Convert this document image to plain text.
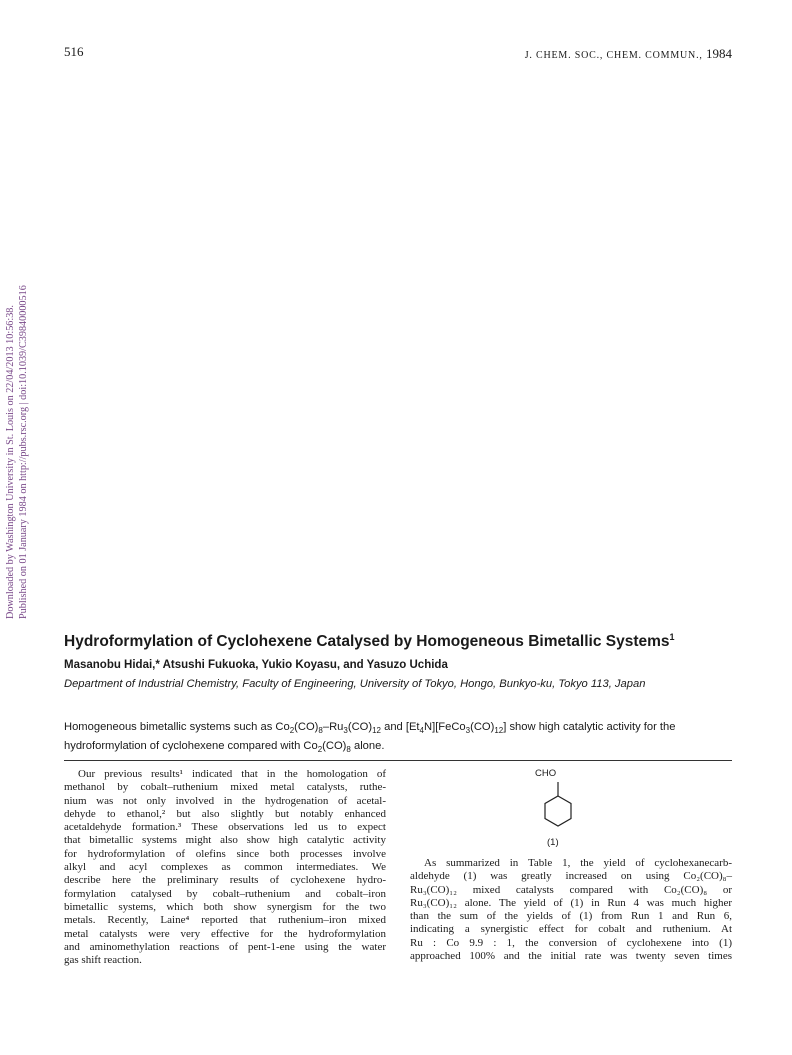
516	J. CHEM. SOC., CHEM. COMMUN., 1984
Downloaded by Washington University in St. Louis on 22/04/2013 10:56:38. Published on 01 January 1984 on http://pubs.rsc.org | doi:10.1039/C39840000516
Hydroformylation of Cyclohexene Catalysed by Homogeneous Bimetallic Systems$^1$
Masanobu Hidai,* Atsushi Fukuoka, Yukio Koyasu, and Yasuzo Uchida
Department of Industrial Chemistry, Faculty of Engineering, University of Tokyo, Hongo, Bunkyo-ku, Tokyo 113, Japan
Homogeneous bimetallic systems such as $Co_2(CO)_8-Ru_3(CO)_{12}$ and $[Et_4N][FeCo_3(CO)_{12}]$ show high catalytic activity for the hydroformylation of cyclohexene compared with $Co_2(CO)_8$ alone.
Our previous results¹ indicated that in the homologation of
methanol by cobalt–ruthenium mixed metal catalysts, ruthe-
nium was not only involved in the hydrogenation of acetal-
dehyde to ethanol,² but also slightly but notably enhanced
acetaldehyde formation.³ These observations led us to expect
that bimetallic systems might also show high catalytic activity
for hydroformylation of olefins since both processes involve
alkyl and acyl complexes as common intermediates. We
describe here the preliminary results of cyclohexene hydro-
formylation catalysed by cobalt–ruthenium and cobalt–iron
bimetallic systems, which both show synergism for the two
metals. Recently, Laine⁴ reported that ruthenium–iron mixed
metal catalysts were very effective for the hydroformylation
and aminomethylation reactions of pent-1-ene using the water
gas shift reaction.
CHO
(1)
As summarized in Table 1, the yield of cyclohexanecarb-
aldehyde (1) was greatly increased on using Co₂(CO)₈–
Ru₃(CO)₁₂ mixed catalysts compared with Co₂(CO)₈ or
Ru₃(CO)₁₂ alone. The yield of (1) in Run 4 was much higher
than the sum of the yields of (1) from Run 1 and Run 6,
indicating a synergistic effect for cobalt and ruthenium. At
Ru : Co 9.9 : 1, the conversion of cyclohexene into (1)
approached 100% and the initial rate was twenty seven times
